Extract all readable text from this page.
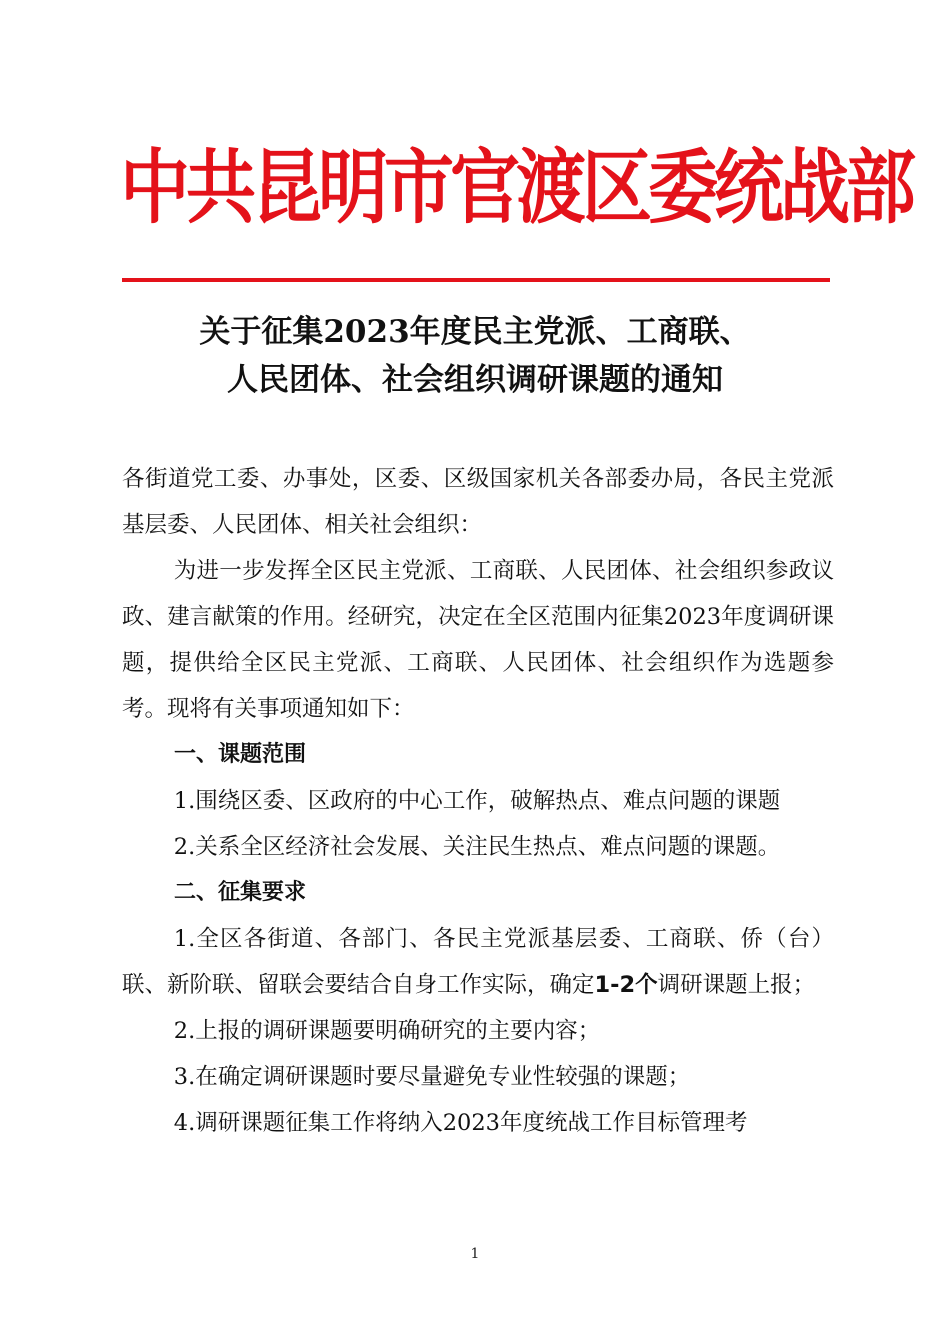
中共昆明市官渡区委统战部
关于征集2023年度民主党派、工商联、
人民团体、社会组织调研课题的通知

各街道党工委、办事处，区委、区级国家机关各部委办局，各民主党派基层委、人民团体、相关社会组织：

为进一步发挥全区民主党派、工商联、人民团体、社会组织参政议政、建言献策的作用。经研究，决定在全区范围内征集2023年度调研课题，提供给全区民主党派、工商联、人民团体、社会组织作为选题参考。现将有关事项通知如下：

一、课题范围

1.围绕区委、区政府的中心工作，破解热点、难点问题的课题

2.关系全区经济社会发展、关注民生热点、难点问题的课题。

二、征集要求

1.全区各街道、各部门、各民主党派基层委、工商联、侨（台）联、新阶联、留联会要结合自身工作实际，确定1-2个调研课题上报；

2.上报的调研课题要明确研究的主要内容；

3.在确定调研课题时要尽量避免专业性较强的课题；

4.调研课题征集工作将纳入2023年度统战工作目标管理考

1
